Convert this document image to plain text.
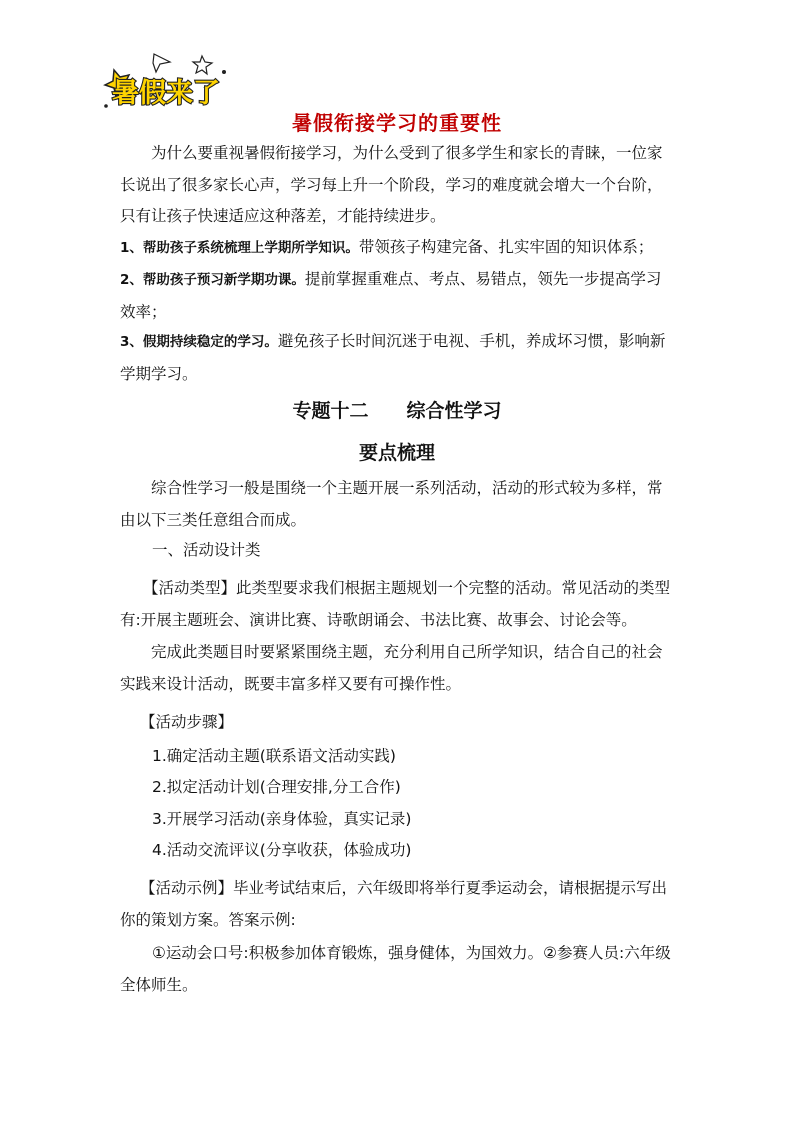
暑假来了
暑假衔接学习的重要性
为什么要重视暑假衔接学习，为什么受到了很多学生和家长的青睐，一位家长说出了很多家长心声，学习每上升一个阶段，学习的难度就会增大一个台阶，只有让孩子快速适应这种落差，才能持续进步。
1、帮助孩子系统梳理上学期所学知识。带领孩子构建完备、扎实牢固的知识体系；
2、帮助孩子预习新学期功课。提前掌握重难点、考点、易错点，领先一步提高学习效率；
3、假期持续稳定的学习。避免孩子长时间沉迷于电视、手机，养成坏习惯，影响新学期学习。
专题十二 综合性学习
要点梳理
综合性学习一般是围绕一个主题开展一系列活动，活动的形式较为多样，常由以下三类任意组合而成。
一、活动设计类
【活动类型】此类型要求我们根据主题规划一个完整的活动。常见活动的类型有:开展主题班会、演讲比赛、诗歌朗诵会、书法比赛、故事会、讨论会等。
完成此类题目时要紧紧围绕主题，充分利用自己所学知识，结合自己的社会实践来设计活动，既要丰富多样又要有可操作性。
【活动步骤】
1.确定活动主题(联系语文活动实践)
2.拟定活动计划(合理安排,分工合作)
3.开展学习活动(亲身体验，真实记录)
4.活动交流评议(分享收获，体验成功)
【活动示例】毕业考试结束后，六年级即将举行夏季运动会，请根据提示写出你的策划方案。答案示例:
①运动会口号:积极参加体育锻炼，强身健体，为国效力。②参赛人员:六年级全体师生。
